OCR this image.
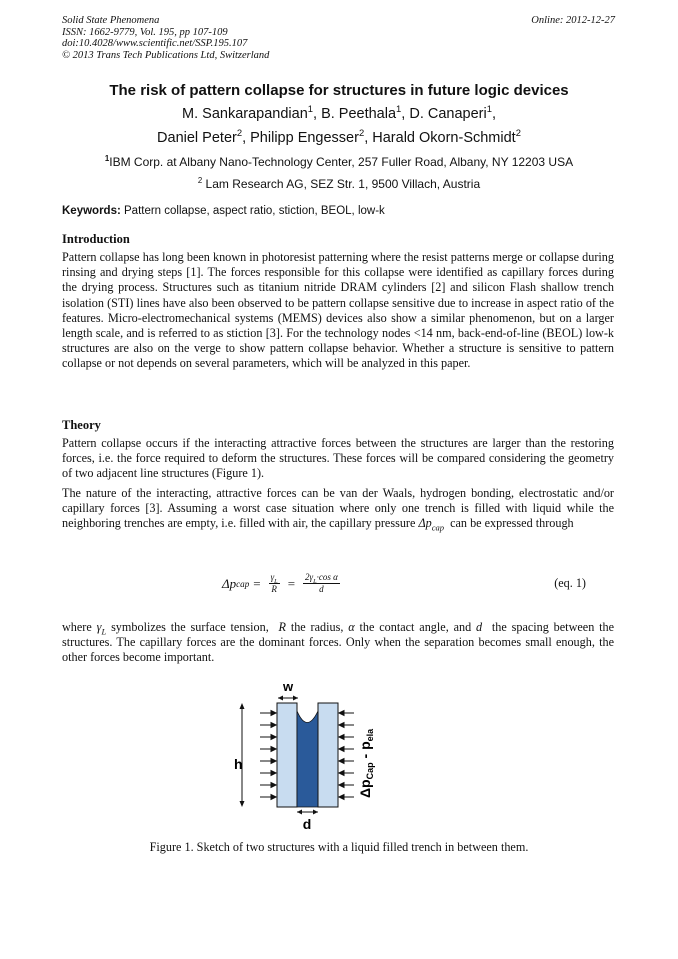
Solid State Phenomena
ISSN: 1662-9779, Vol. 195, pp 107-109
doi:10.4028/www.scientific.net/SSP.195.107
© 2013 Trans Tech Publications Ltd, Switzerland
Online: 2012-12-27
The risk of pattern collapse for structures in future logic devices
M. Sankarapandian$^1$, B. Peethala$^1$, D. Canaperi$^1$,
Daniel Peter$^2$, Philipp Engesser$^2$, Harald Okorn-Schmidt$^2$
$^1$IBM Corp. at Albany Nano-Technology Center, 257 Fuller Road, Albany, NY 12203 USA
$^2$ Lam Research AG, SEZ Str. 1, 9500 Villach, Austria
Keywords: Pattern collapse, aspect ratio, stiction, BEOL, low-k
Introduction

Pattern collapse has long been known in photoresist patterning where the resist patterns merge or collapse during rinsing and drying steps [1]. The forces responsible for this collapse were identified as capillary forces during the drying process. Structures such as titanium nitride DRAM cylinders [2] and silicon Flash shallow trench isolation (STI) lines have also been observed to be pattern collapse sensitive due to increase in aspect ratio of the features. Micro-electromechanical systems (MEMS) devices also show a similar phenomenon, but on a larger length scale, and is referred to as stiction [3]. For the technology nodes <14 nm, back-end-of-line (BEOL) low-k structures are also on the verge to show pattern collapse behavior. Whether a structure is sensitive to pattern collapse or not depends on several parameters, which will be analyzed in this paper.

Theory

Pattern collapse occurs if the interacting attractive forces between the structures are larger than the restoring forces, i.e. the force required to deform the structures. These forces will be compared considering the geometry of two adjacent line structures (Figure 1).

The nature of the interacting, attractive forces can be van der Waals, hydrogen bonding, electrostatic and/or capillary forces [3]. Assuming a worst case situation where only one trench is filled with liquid while the neighboring trenches are empty, i.e. filled with air, the capillary pressure $\Delta p_{cap}$ can be expressed through

Δp cap = $\frac{\gamma_L}{R} = \frac{2\gamma_L\cdot\cos \alpha}{d}$	(eq. 1)

where $\gamma_L$ symbolizes the surface tension, R the radius, α the contact angle, and d the spacing between the structures. The capillary forces are the dominant forces. Only when the separation becomes small enough, the other forces become important.

w
h
$\Delta p_{Cap} - p_{ela}$
d
Figure 1. Sketch of two structures with a liquid filled trench in between them.
